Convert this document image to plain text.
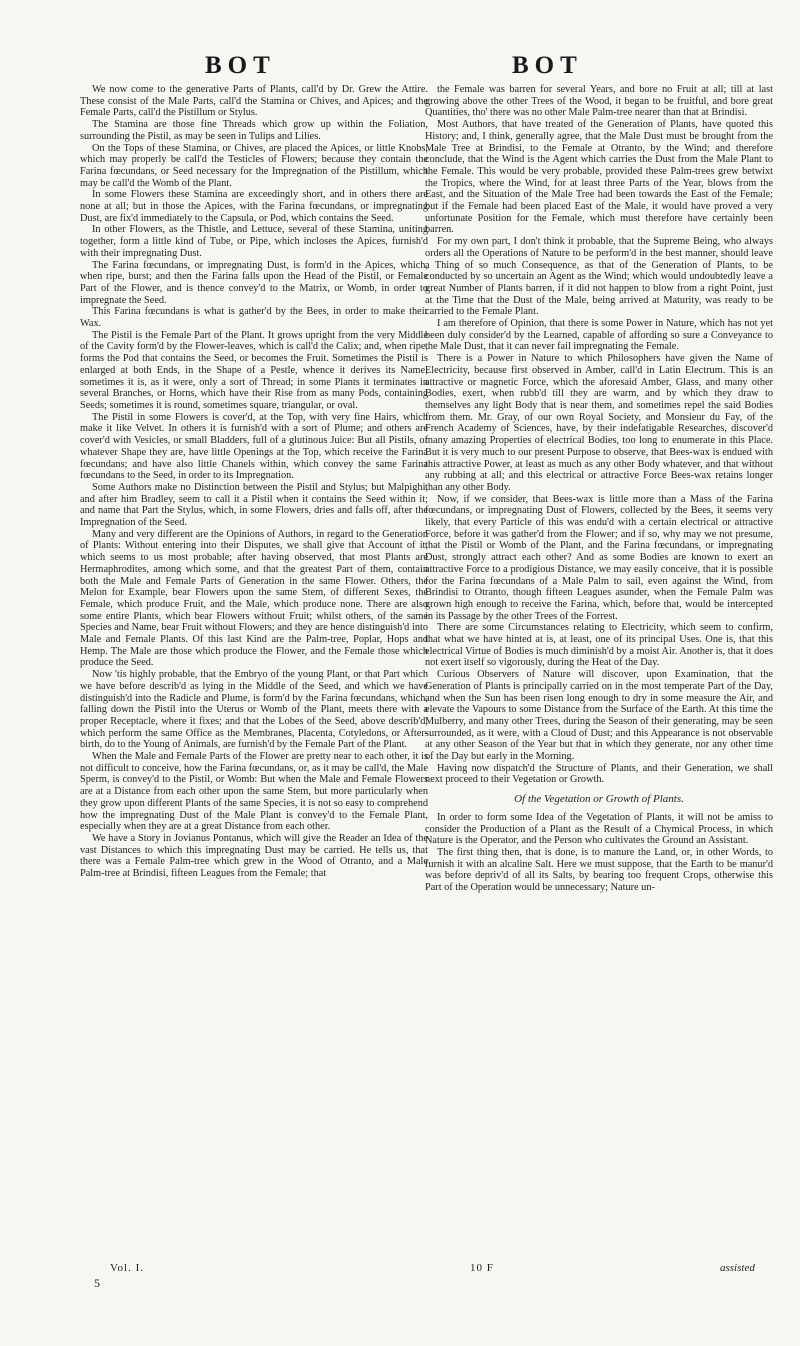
BOT	BOT

We now come to the generative Parts of Plants, call'd by Dr. Grew the Attire. These consist of the Male Parts, call'd the Stamina or Chives, and Apices; and the Female Parts, call'd the Pistillum or Stylus.

The Stamina are those fine Threads which grow up within the Foliation, surrounding the Pistil, as may be seen in Tulips and Lilies.

On the Tops of these Stamina, or Chives, are placed the Apices, or little Knobs, which may properly be call'd the Testicles of Flowers; because they contain the Farina fœcundans, or Seed necessary for the Impregnation of the Pistillum, which may be call'd the Womb of the Plant.

In some Flowers these Stamina are exceedingly short, and in others there are none at all; but in those the Apices, with the Farina fœcundans, or impregnating Dust, are fix'd immediately to the Capsula, or Pod, which contains the Seed.

In other Flowers, as the Thistle, and Lettuce, several of these Stamina, uniting together, form a little kind of Tube, or Pipe, which incloses the Apices, furnish'd with their impregnating Dust.

The Farina fœcundans, or impregnating Dust, is form'd in the Apices, which, when ripe, burst; and then the Farina falls upon the Head of the Pistil, or Female Part of the Flower, and is thence convey'd to the Matrix, or Womb, in order to impregnate the Seed.

This Farina fœcundans is what is gather'd by the Bees, in order to make their Wax.

The Pistil is the Female Part of the Plant. It grows upright from the very Middle of the Cavity form'd by the Flower-leaves, which is call'd the Calix; and, when ripe, forms the Pod that contains the Seed, or becomes the Fruit. Sometimes the Pistil is enlarged at both Ends, in the Shape of a Pestle, whence it derives its Name; sometimes it is, as it were, only a sort of Thread; in some Plants it terminates in several Branches, or Horns, which have their Rise from as many Pods, containing Seeds; sometimes it is round, sometimes square, triangular, or oval.

The Pistil in some Flowers is cover'd, at the Top, with very fine Hairs, which make it like Velvet. In others it is furnish'd with a sort of Plume; and others are cover'd with Vesicles, or small Bladders, full of a glutinous Juice: But all Pistils, of whatever Shape they are, have little Openings at the Top, which receive the Farina fœcundans; and have also little Chanels within, which convey the same Farina fœcundans to the Seed, in order to its Impregnation.

Some Authors make no Distinction between the Pistil and Stylus; but Malpighi, and after him Bradley, seem to call it a Pistil when it contains the Seed within it; and name that Part the Stylus, which, in some Flowers, dries and falls off, after the Impregnation of the Seed.

Many and very different are the Opinions of Authors, in regard to the Generation of Plants: Without entering into their Disputes, we shall give that Account of it, which seems to us most probable; after having observed, that most Plants are Hermaphrodites, among which some, and that the greatest Part of them, contain both the Male and Female Parts of Generation in the same Flower. Others, the Melon for Example, bear Flowers upon the same Stem, of different Sexes, the Female, which produce Fruit, and the Male, which produce none. There are also some entire Plants, which bear Flowers without Fruit; whilst others, of the same Species and Name, bear Fruit without Flowers; and they are hence distinguish'd into Male and Female Plants. Of this last Kind are the Palm-tree, Poplar, Hops and Hemp. The Male are those which produce the Flower, and the Female those which produce the Seed.

Now 'tis highly probable, that the Embryo of the young Plant, or that Part which we have before describ'd as lying in the Middle of the Seed, and which we have distinguish'd into the Radicle and Plume, is form'd by the Farina fœcundans, which, falling down the Pistil into the Uterus or Womb of the Plant, meets there with a proper Receptacle, where it fixes; and that the Lobes of the Seed, above describ'd, which perform the same Office as the Membranes, Placenta, Cotyledons, or After-birth, do to the Young of Animals, are furnish'd by the Female Part of the Plant.

When the Male and Female Parts of the Flower are pretty near to each other, it is not difficult to conceive, how the Farina fœcundans, or, as it may be call'd, the Male Sperm, is convey'd to the Pistil, or Womb: But when the Male and Female Flowers are at a Distance from each other upon the same Stem, but more particularly when they grow upon different Plants of the same Species, it is not so easy to comprehend how the impregnating Dust of the Male Plant is convey'd to the Female Plant, especially when they are at a great Distance from each other.

We have a Story in Jovianus Pontanus, which will give the Reader an Idea of the vast Distances to which this impregnating Dust may be carried. He tells us, that there was a Female Palm-tree which grew in the Wood of Otranto, and a Male Palm-tree at Brindisi, fifteen Leagues from the Female; that

the Female was barren for several Years, and bore no Fruit at all; till at last growing above the other Trees of the Wood, it began to be fruitful, and bore great Quantities, tho' there was no other Male Palm-tree nearer than that at Brindisi.

Most Authors, that have treated of the Generation of Plants, have quoted this History; and, I think, generally agree, that the Male Dust must be brought from the Male Tree at Brindisi, to the Female at Otranto, by the Wind; and therefore conclude, that the Wind is the Agent which carries the Dust from the Male Plant to the Female. This would be very probable, provided these Palm-trees grew betwixt the Tropics, where the Wind, for at least three Parts of the Year, blows from the East, and the Situation of the Male Tree had been towards the East of the Female; but if the Female had been placed East of the Male, it would have proved a very unfortunate Position for the Female, which must therefore have certainly been barren.

For my own part, I don't think it probable, that the Supreme Being, who always orders all the Operations of Nature to be perform'd in the best manner, should leave a Thing of so much Consequence, as that of the Generation of Plants, to be conducted by so uncertain an Agent as the Wind; which would undoubtedly leave a great Number of Plants barren, if it did not happen to blow from a right Point, just at the Time that the Dust of the Male, being arrived at Maturity, was ready to be carried to the Female Plant.

I am therefore of Opinion, that there is some Power in Nature, which has not yet been duly consider'd by the Learned, capable of affording so sure a Conveyance to the Male Dust, that it can never fail impregnating the Female.

There is a Power in Nature to which Philosophers have given the Name of Electricity, because first observed in Amber, call'd in Latin Electrum. This is an attractive or magnetic Force, which the aforesaid Amber, Glass, and many other Bodies, exert, when rubb'd till they are warm, and by which they draw to themselves any light Body that is near them, and sometimes repel the said Bodies from them. Mr. Gray, of our own Royal Society, and Monsieur du Fay, of the French Academy of Sciences, have, by their indefatigable Researches, discover'd many amazing Properties of electrical Bodies, too long to enumerate in this Place. But it is very much to our present Purpose to observe, that Bees-wax is endued with this attractive Power, at least as much as any other Body whatever, and that without any rubbing at all; and this electrical or attractive Force Bees-wax retains longer than any other Body.

Now, if we consider, that Bees-wax is little more than a Mass of the Farina fœcundans, or impregnating Dust of Flowers, collected by the Bees, it seems very likely, that every Particle of this was endu'd with a certain electrical or attractive Force, before it was gather'd from the Flower; and if so, why may we not presume, that the Pistil or Womb of the Plant, and the Farina fœcundans, or impregnating Dust, strongly attract each other? And as some Bodies are known to exert an attractive Force to a prodigious Distance, we may easily conceive, that it is possible for the Farina fœcundans of a Male Palm to sail, even against the Wind, from Brindisi to Otranto, though fifteen Leagues asunder, when the Female Palm was grown high enough to receive the Farina, which, before that, would be intercepted in its Passage by the other Trees of the Forrest.

There are some Circumstances relating to Electricity, which seem to confirm, that what we have hinted at is, at least, one of its principal Uses. One is, that this electrical Virtue of Bodies is much diminish'd by a moist Air. Another is, that it does not exert itself so vigorously, during the Heat of the Day.

Curious Observers of Nature will discover, upon Examination, that the Generation of Plants is principally carried on in the most temperate Part of the Day, and when the Sun has been risen long enough to dry in some measure the Air, and elevate the Vapours to some Distance from the Surface of the Earth. At this time the Mulberry, and many other Trees, during the Season of their generating, may be seen surrounded, as it were, with a Cloud of Dust; and this Appearance is not observable at any other Season of the Year but that in which they generate, nor any other time of the Day but early in the Morning.

Having now dispatch'd the Structure of Plants, and their Generation, we shall next proceed to their Vegetation or Growth.

Of the Vegetation or Growth of Plants.

In order to form some Idea of the Vegetation of Plants, it will not be amiss to consider the Production of a Plant as the Result of a Chymical Process, in which Nature is the Operator, and the Person who cultivates the Ground an Assistant.

The first thing then, that is done, is to manure the Land, or, in other Words, to furnish it with an alcaline Salt. Here we must suppose, that the Earth to be manur'd was before depriv'd of all its Salts, by bearing too frequent Crops, otherwise this Part of the Operation would be unnecessary; Nature un-

Vol. I.	10 F	assisted
5
